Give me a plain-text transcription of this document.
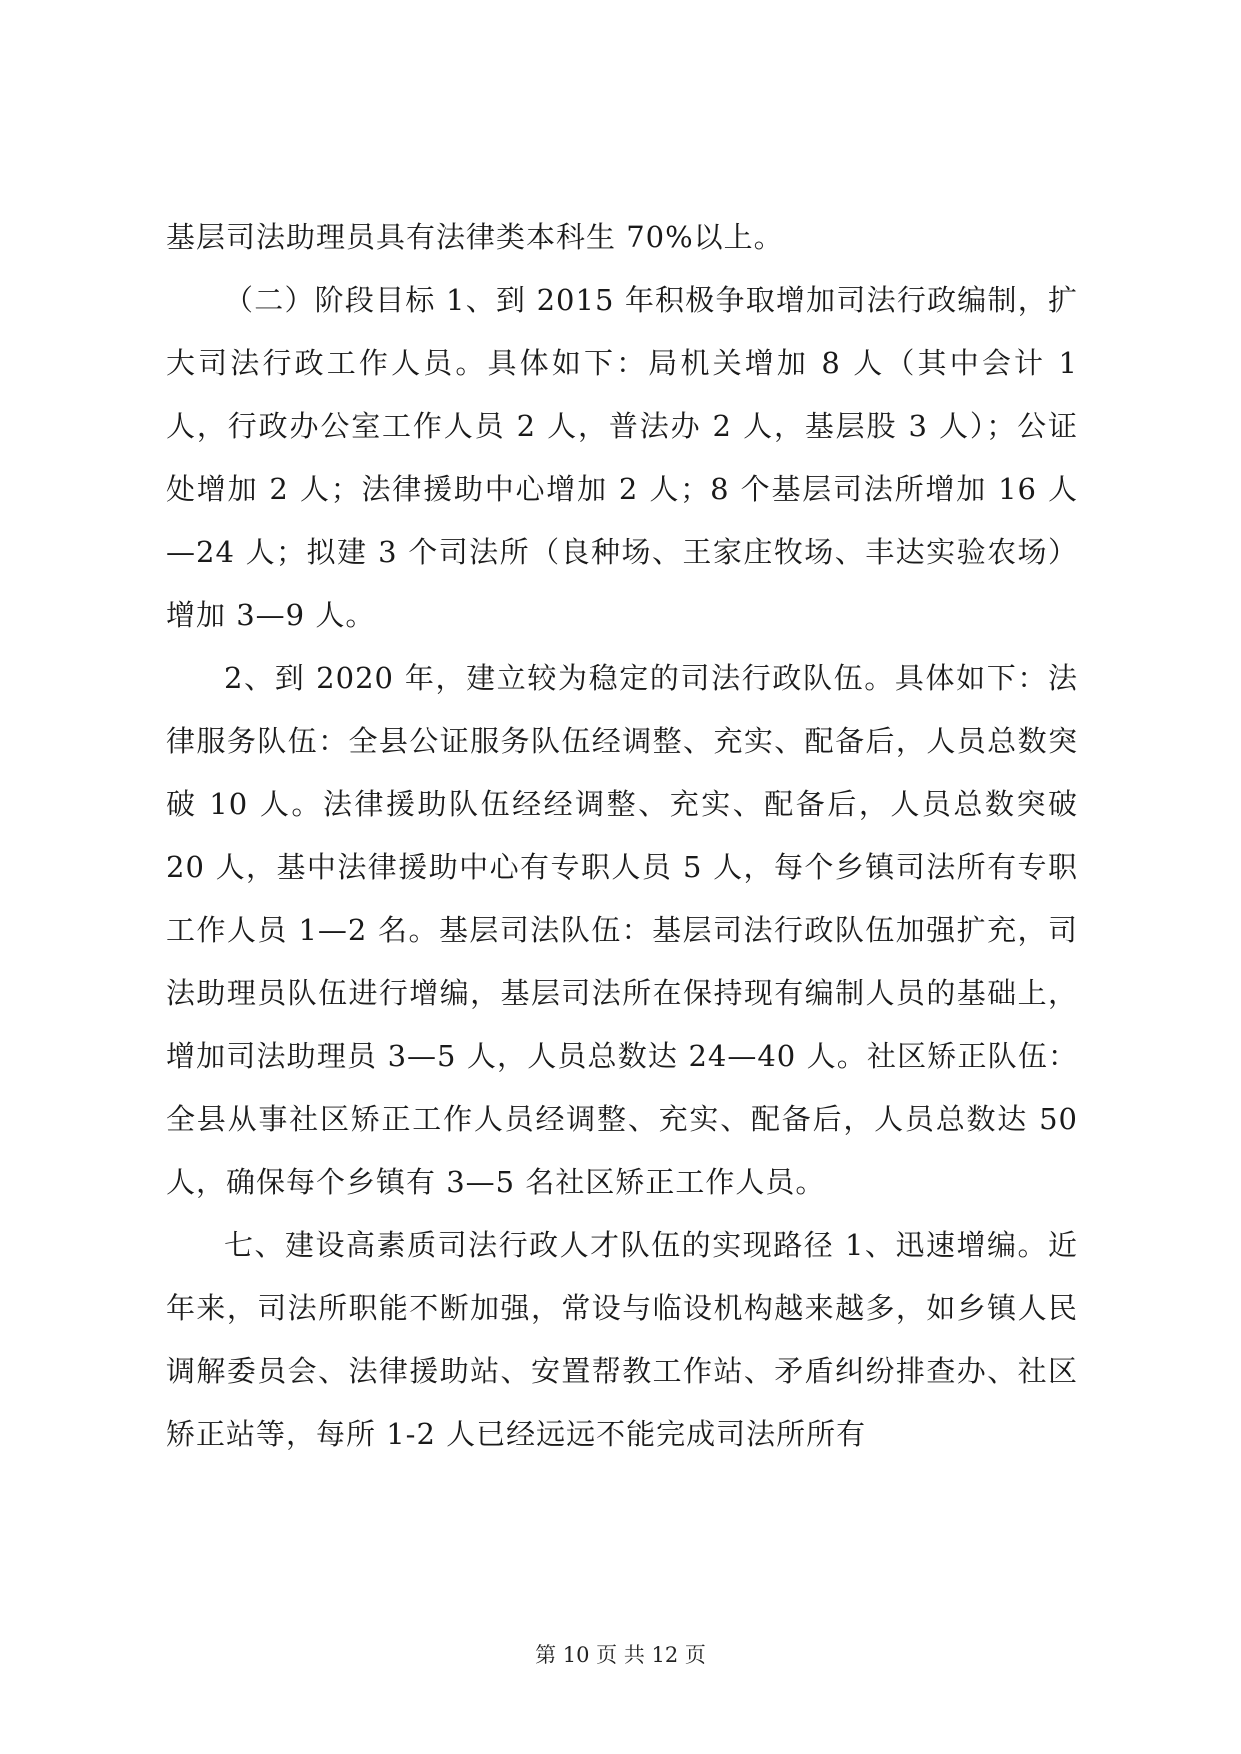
基层司法助理员具有法律类本科生 70%以上。

（二）阶段目标 1、到 2015 年积极争取增加司法行政编制，扩大司法行政工作人员。具体如下：局机关增加 8 人（其中会计 1 人，行政办公室工作人员 2 人，普法办 2 人，基层股 3 人）；公证处增加 2 人；法律援助中心增加 2 人；8 个基层司法所增加 16 人—24 人；拟建 3 个司法所（良种场、王家庄牧场、丰达实验农场）增加 3—9 人。

2、到 2020 年，建立较为稳定的司法行政队伍。具体如下：法律服务队伍：全县公证服务队伍经调整、充实、配备后，人员总数突破 10 人。法律援助队伍经经调整、充实、配备后，人员总数突破 20 人，基中法律援助中心有专职人员 5 人，每个乡镇司法所有专职工作人员 1—2 名。基层司法队伍：基层司法行政队伍加强扩充，司法助理员队伍进行增编，基层司法所在保持现有编制人员的基础上，增加司法助理员 3—5 人，人员总数达 24—40 人。社区矫正队伍：全县从事社区矫正工作人员经调整、充实、配备后，人员总数达 50 人，确保每个乡镇有 3—5 名社区矫正工作人员。

七、建设高素质司法行政人才队伍的实现路径 1、迅速增编。近年来，司法所职能不断加强，常设与临设机构越来越多，如乡镇人民调解委员会、法律援助站、安置帮教工作站、矛盾纠纷排查办、社区矫正站等，每所 1-2 人已经远远不能完成司法所所有

第 10 页 共 12 页
